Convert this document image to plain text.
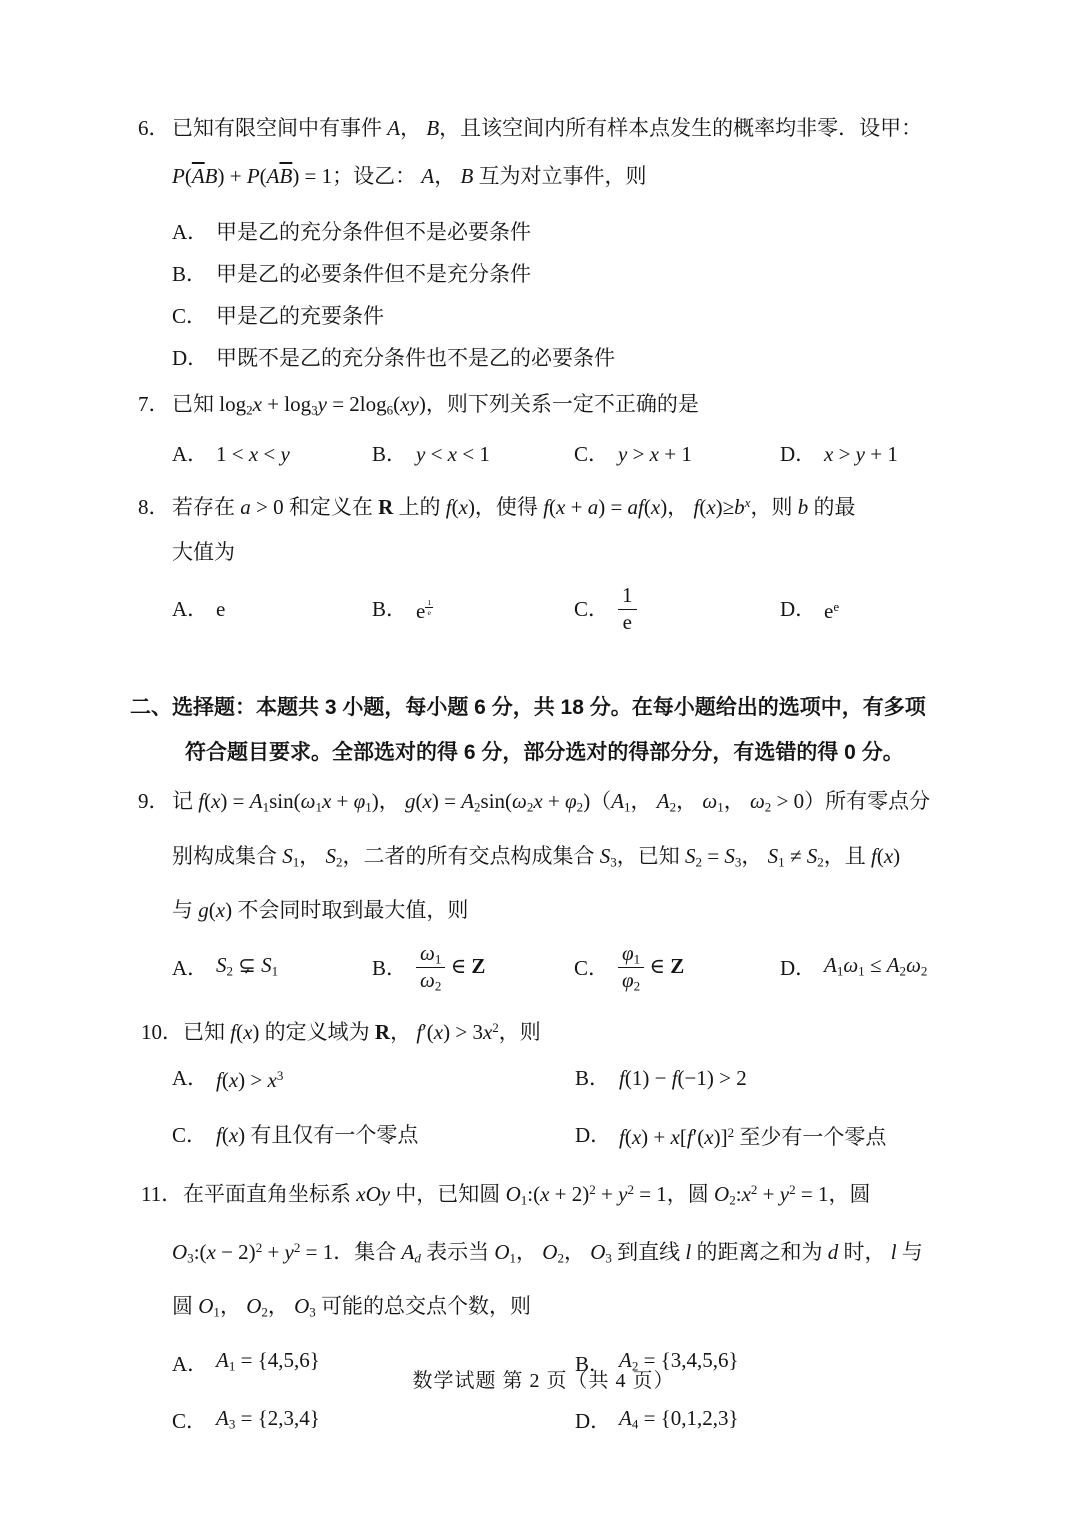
6． 已知有限空间中有事件 A， B，且该空间内所有样本点发生的概率均非零．设甲：
$P(\overline{A}B) + P(A\overline{B}) = 1$；设乙： A， B 互为对立事件，则
A． 甲是乙的充分条件但不是必要条件
B． 甲是乙的必要条件但不是充分条件
C． 甲是乙的充要条件
D． 甲既不是乙的充分条件也不是乙的必要条件
7． 已知 $\log_2x + \log_3y = 2\log_6(xy)$，则下列关系一定不正确的是
A． 1 < x < y	B． y < x < 1	C． y > x + 1	D． x > y + 1
8． 若存在 a > 0 和定义在 R 上的 f(x)，使得 f(x + a) = af(x)， $f(x)\ge b^x$，则 b 的最
大值为
A． e	B． e $^{\frac{1}{e}}$	C． $\frac{1}{e}$	D． $e^e$
二、选择题：本题共 3 小题，每小题 6 分，共 18 分。在每小题给出的选项中，有多项
符合题目要求。全部选对的得 6 分，部分选对的得部分分，有选错的得 0 分。
9． 记 $f(x) = A_1\sin(\omega_1x + \varphi_1)$， $g(x) = A_2\sin(\omega_2x + \varphi_2)(A_1$， $A_2$， $\omega_1$， $\omega_2 > 0$）所有零点分
别构成集合 $S_1$， $S_2$，二者的所有交点构成集合 $S_3$，已知 $S_2 = S_3$， $S_1 \ne S_2$，且 f(x)
与 g(x) 不会同时取到最大值，则
A． $S_2$ ⊊ $S_1$	B． $\frac{\omega_1}{\omega_2}$ ∈ Z	C． $\frac{\varphi_1}{\varphi_2}$ ∈ Z	D． $A_1\omega_1 \le A_2\omega_2$
10．已知 f(x) 的定义域为 R， $f'(x) > 3x^2$，则
A． $f(x) > x^3$	B． f(1) − f(−1) > 2
C． f(x) 有且仅有一个零点	D． $f(x) + x[f'(x)]^2$ 至少有一个零点
11．在平面直角坐标系 xOy 中，已知圆 $O_1:(x + 2)^2 + y^2 = 1$，圆 $O_2:x^2 + y^2 = 1$，圆
$O_3:(x - 2)^2 + y^2 = 1$．集合 $A_d$ 表示当 $O_1$， $O_2$， $O_3$ 到直线 l 的距离之和为 d 时， l 与
圆 $O_1$， $O_2$， $O_3$ 可能的总交点个数，则
A． $A_1 = \{4,5,6\}$	B． $A_2 = \{3,4,5,6\}$
C． $A_3 = \{2,3,4\}$	D． $A_4 = \{0,1,2,3\}$
数学试题 第 2 页（共 4 页）
